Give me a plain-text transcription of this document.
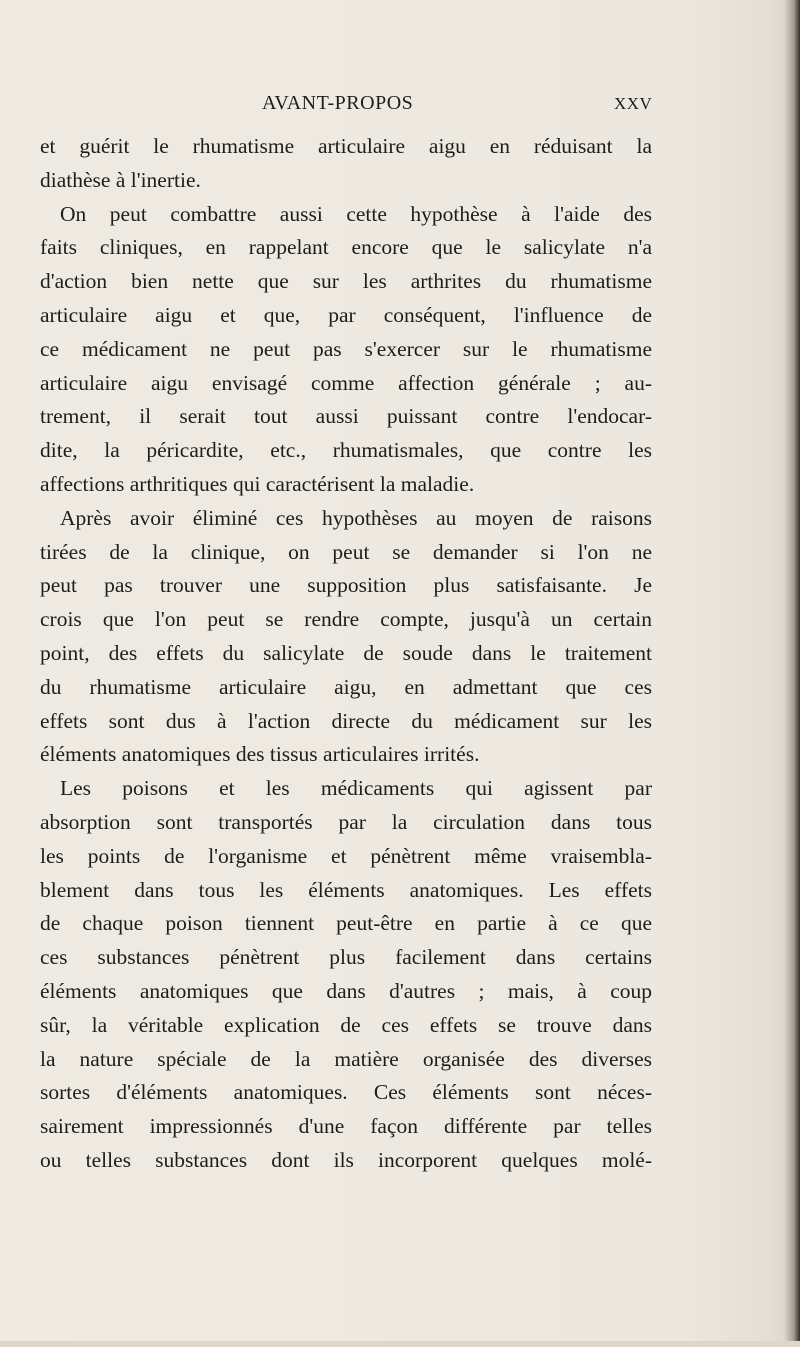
AVANT-PROPOS	XXV
et guérit le rhumatisme articulaire aigu en réduisant la
diathèse à l'inertie.
On peut combattre aussi cette hypothèse à l'aide des
faits cliniques, en rappelant encore que le salicylate n'a
d'action bien nette que sur les arthrites du rhumatisme
articulaire aigu et que, par conséquent, l'influence de
ce médicament ne peut pas s'exercer sur le rhumatisme
articulaire aigu envisagé comme affection générale ; au-
trement, il serait tout aussi puissant contre l'endocar-
dite, la péricardite, etc., rhumatismales, que contre les
affections arthritiques qui caractérisent la maladie.
Après avoir éliminé ces hypothèses au moyen de raisons
tirées de la clinique, on peut se demander si l'on ne
peut pas trouver une supposition plus satisfaisante. Je
crois que l'on peut se rendre compte, jusqu'à un certain
point, des effets du salicylate de soude dans le traitement
du rhumatisme articulaire aigu, en admettant que ces
effets sont dus à l'action directe du médicament sur les
éléments anatomiques des tissus articulaires irrités.
Les poisons et les médicaments qui agissent par
absorption sont transportés par la circulation dans tous
les points de l'organisme et pénètrent même vraisembla-
blement dans tous les éléments anatomiques. Les effets
de chaque poison tiennent peut-être en partie à ce que
ces substances pénètrent plus facilement dans certains
éléments anatomiques que dans d'autres ; mais, à coup
sûr, la véritable explication de ces effets se trouve dans
la nature spéciale de la matière organisée des diverses
sortes d'éléments anatomiques. Ces éléments sont néces-
sairement impressionnés d'une façon différente par telles
ou telles substances dont ils incorporent quelques molé-
